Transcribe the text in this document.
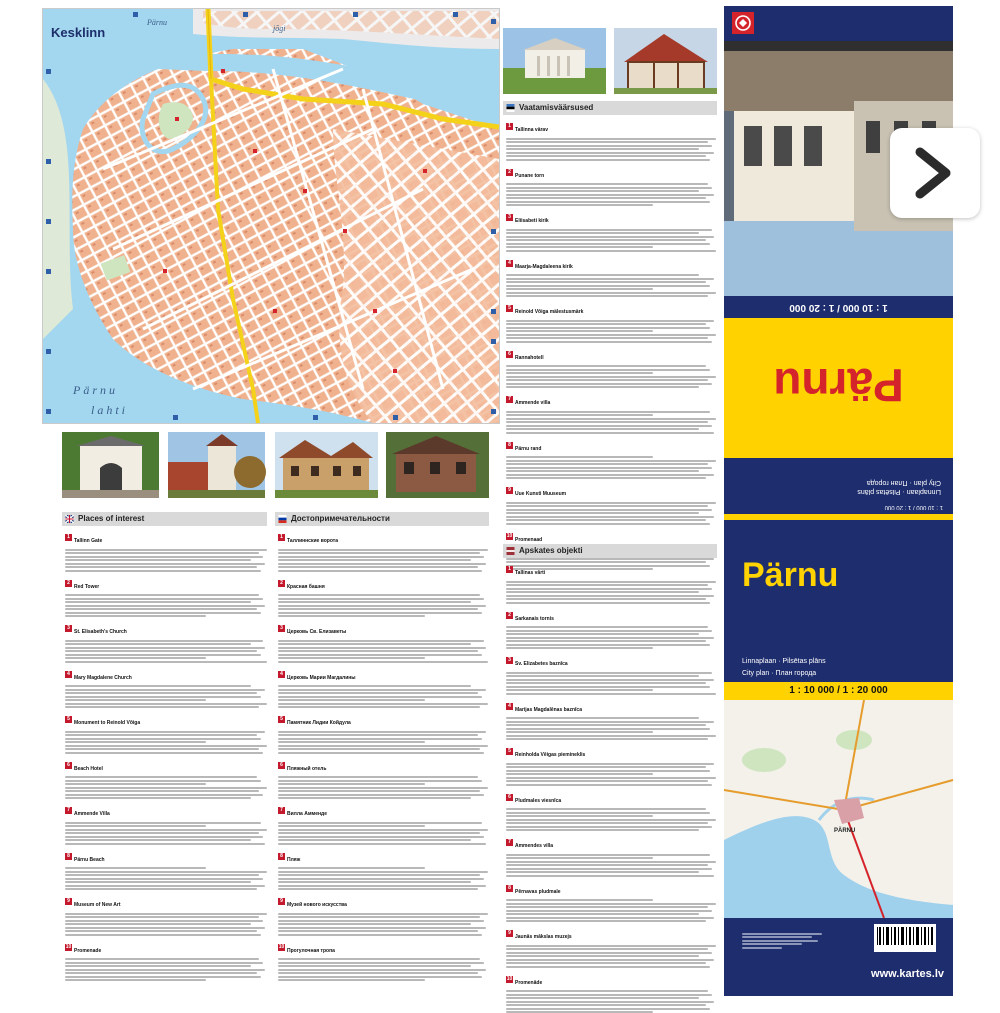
Kesklinn
Pärnu
lahti
Pärnu
jõgi
Vaatamisväärsused
1Tallinna värav
2Punane torn
3Eliisabeti kirik
4Maarja-Magdaleena kirik
5Reinold Võiga mälestusmärk
6Rannahotell
7Ammende villa
8Pärnu rand
9Uue Kunsti Muuseum
10Promenaad
Apskates objekti
1Tallinas vārti
2Sarkanais tornis
3Sv. Elizabetes baznīca
4Marijas Magdalēnas baznīca
5Reinholda Vēigas piemineklis
6Pludmales viesnīca
7Ammendes villa
8Pērnavas pludmale
9Jaunās mākslas muzejs
10Promenāde
Places of interest
1Tallinn Gate
2Red Tower
3St. Elisabeth's Church
4Mary Magdalene Church
5Monument to Reinold Võiga
6Beach Hotel
7Ammende Villa
8Pärnu Beach
9Museum of New Art
10Promenade
Достопримечательности
1Таллиннские ворота
2Красная башня
3Церковь Св. Елизаветы
4Церковь Марии Магдалины
5Памятник Лидии Койдула
6Пляжный отель
7Вилла Амменде
8Пляж
9Музей нового искусства
10Прогулочная тропа
1 : 10 000 / 1 : 20 000
Pärnu
Linnaplaan · Pilsētas plāns
City plan · План города
1 : 10 000 / 1 : 20 000
Pärnu
Linnaplaan · Pilsētas plāns
City plan · План города
1 : 10 000 / 1 : 20 000
PÄRNU
www.kartes.lv
